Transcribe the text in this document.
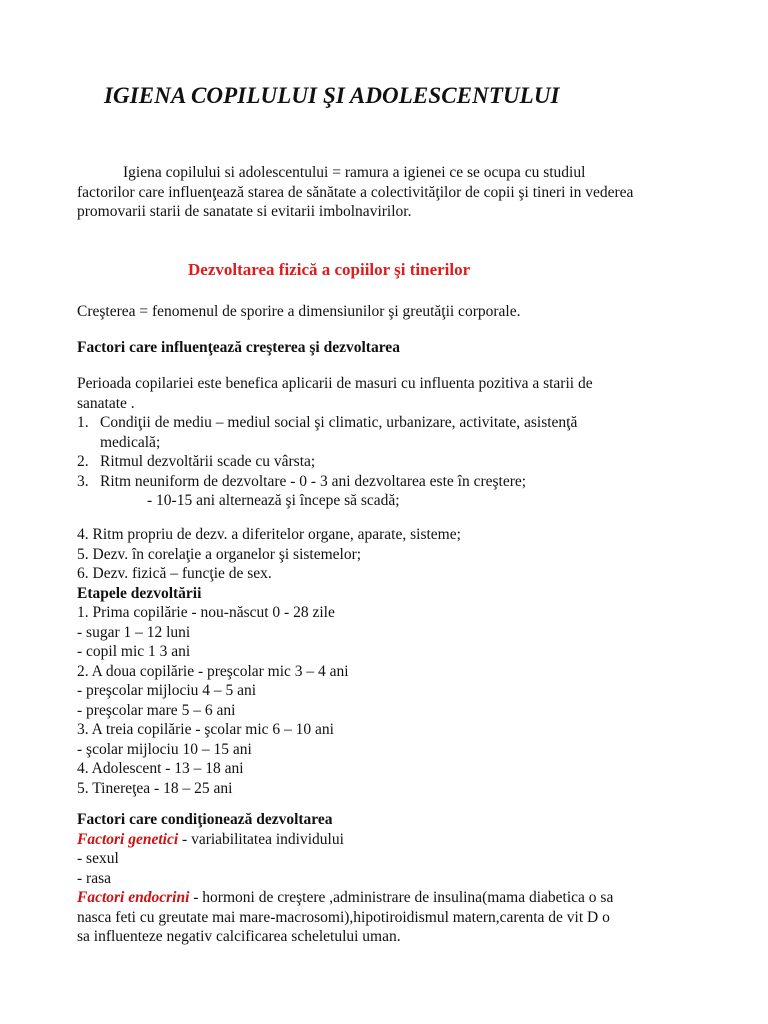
IGIENA COPILULUI ŞI ADOLESCENTULUI

Igiena copilului si adolescentului = ramura a igienei ce se ocupa cu studiul factorilor care influenţează starea de sănătate a colectivităţilor de copii şi tineri in vederea promovarii starii de sanatate si evitarii imbolnavirilor.

Dezvoltarea fizică a copiilor şi tinerilor

Creşterea = fenomenul de sporire a dimensiunilor şi greutăţii corporale.

Factori care influenţează creşterea şi dezvoltarea

Perioada copilariei este benefica aplicarii de masuri cu influenta pozitiva a starii de sanatate .
1. Condiţii de mediu – mediul social şi climatic, urbanizare, activitate, asistenţă medicală;
2. Ritmul dezvoltării scade cu vârsta;
3. Ritm neuniform de dezvoltare - 0 - 3 ani dezvoltarea este în creştere;
- 10-15 ani alternează şi începe să scadă;
4. Ritm propriu de dezv. a diferitelor organe, aparate, sisteme;
5. Dezv. în corelaţie a organelor şi sistemelor;
6. Dezv. fizică – funcţie de sex.
Etapele dezvoltării
1. Prima copilărie - nou-născut 0 - 28 zile
- sugar 1 – 12 luni
- copil mic 1 3 ani
2. A doua copilărie - preşcolar mic 3 – 4 ani
- preşcolar mijlociu 4 – 5 ani
- preşcolar mare 5 – 6 ani
3. A treia copilărie - şcolar mic 6 – 10 ani
- şcolar mijlociu 10 – 15 ani
4. Adolescent - 13 – 18 ani
5. Tinereţea - 18 – 25 ani
Factori care condiţionează dezvoltarea
Factori genetici - variabilitatea individului
- sexul
- rasa
Factori endocrini - hormoni de creştere ,administrare de insulina(mama diabetica o sa nasca feti cu greutate mai mare-macrosomi),hipotiroidismul matern,carenta de vit D o sa influenteze negativ calcificarea scheletului uman.
